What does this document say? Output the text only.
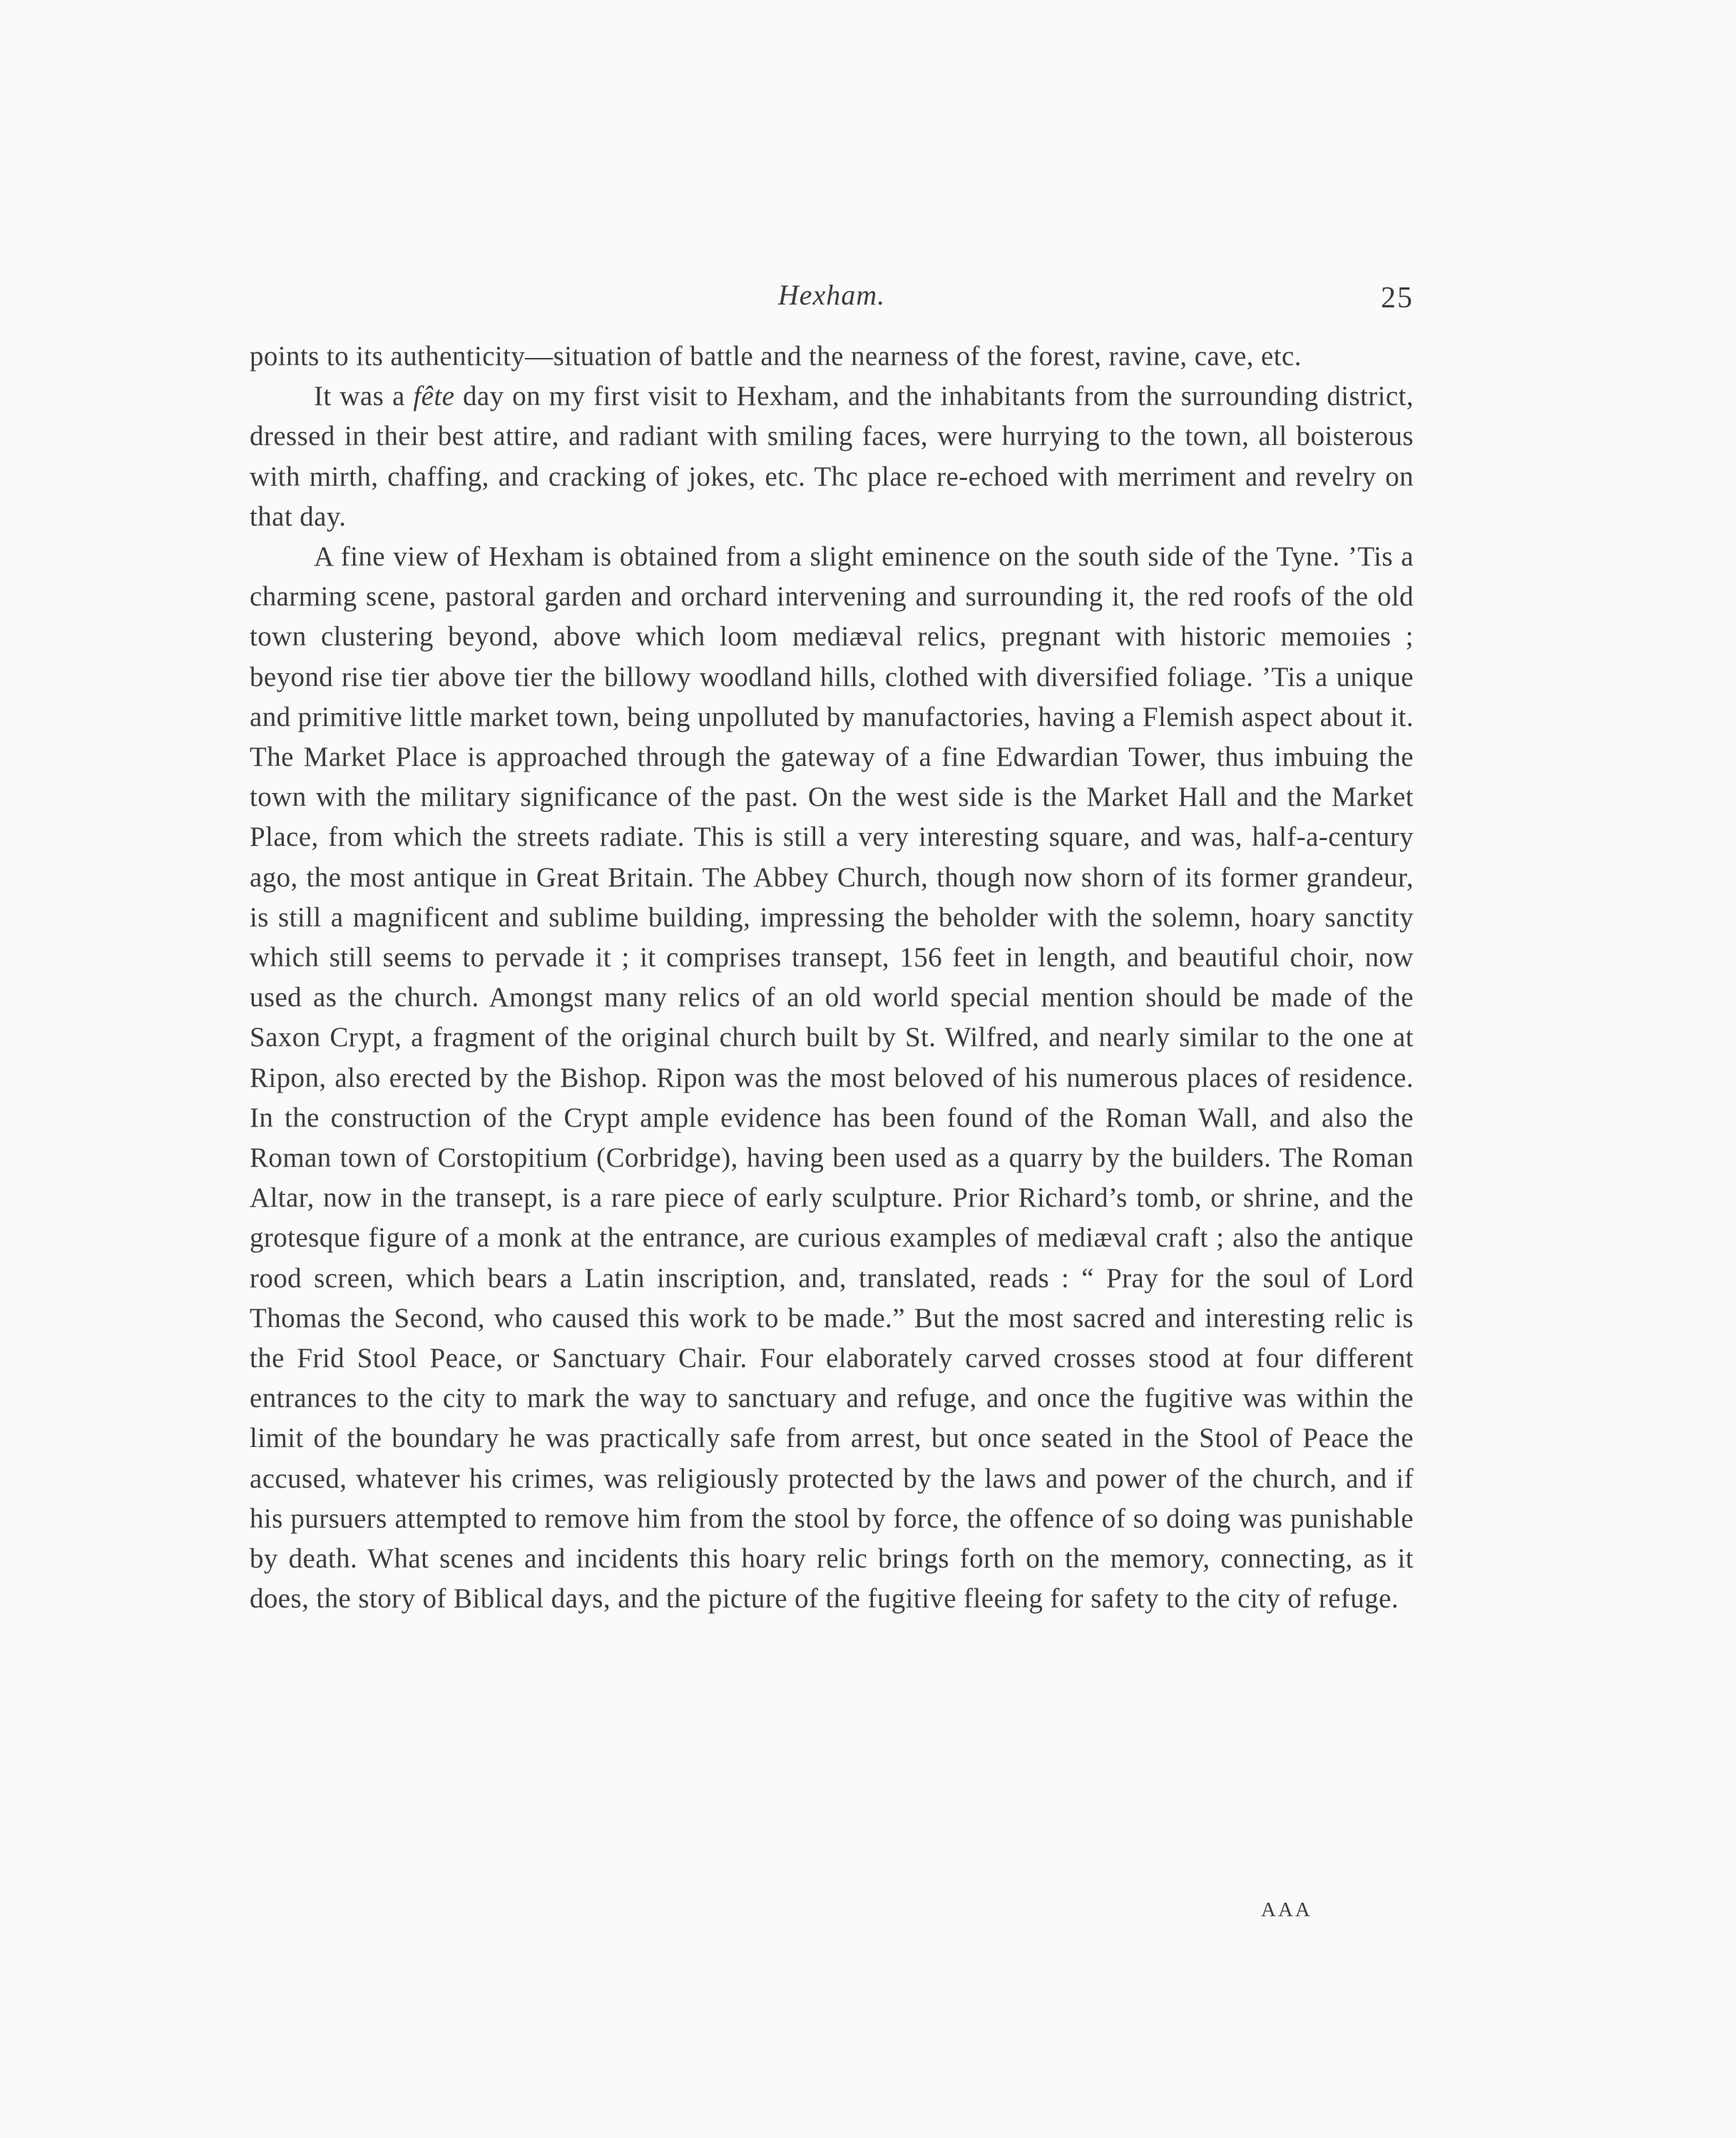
Hexham.	25

points to its authenticity—situation of battle and the nearness of the forest, ravine, cave, etc.

It was a fête day on my first visit to Hexham, and the inhabitants from the surrounding district, dressed in their best attire, and radiant with smiling faces, were hurrying to the town, all boisterous with mirth, chaffing, and cracking of jokes, etc. Thc place re-echoed with merriment and revelry on that day.

A fine view of Hexham is obtained from a slight eminence on the south side of the Tyne. ’Tis a charming scene, pastoral garden and orchard intervening and surrounding it, the red roofs of the old town clustering beyond, above which loom mediæval relics, pregnant with historic memoıies ; beyond rise tier above tier the billowy woodland hills, clothed with diversified foliage. ’Tis a unique and primitive little market town, being unpolluted by manufactories, having a Flemish aspect about it. The Market Place is approached through the gateway of a fine Edwardian Tower, thus imbuing the town with the military significance of the past. On the west side is the Market Hall and the Market Place, from which the streets radiate. This is still a very interesting square, and was, half-a-century ago, the most antique in Great Britain. The Abbey Church, though now shorn of its former grandeur, is still a magnificent and sublime building, impressing the beholder with the solemn, hoary sanctity which still seems to pervade it ; it comprises transept, 156 feet in length, and beautiful choir, now used as the church. Amongst many relics of an old world special mention should be made of the Saxon Crypt, a fragment of the original church built by St. Wilfred, and nearly similar to the one at Ripon, also erected by the Bishop. Ripon was the most beloved of his numerous places of residence. In the construction of the Crypt ample evidence has been found of the Roman Wall, and also the Roman town of Corstopitium (Corbridge), having been used as a quarry by the builders. The Roman Altar, now in the transept, is a rare piece of early sculpture. Prior Richard’s tomb, or shrine, and the grotesque figure of a monk at the entrance, are curious examples of mediæval craft ; also the antique rood screen, which bears a Latin inscription, and, translated, reads : “ Pray for the soul of Lord Thomas the Second, who caused this work to be made.” But the most sacred and interesting relic is the Frid Stool Peace, or Sanctuary Chair. Four elaborately carved crosses stood at four different entrances to the city to mark the way to sanctuary and refuge, and once the fugitive was within the limit of the boundary he was practically safe from arrest, but once seated in the Stool of Peace the accused, whatever his crimes, was religiously protected by the laws and power of the church, and if his pursuers attempted to remove him from the stool by force, the offence of so doing was punishable by death. What scenes and incidents this hoary relic brings forth on the memory, connecting, as it does, the story of Biblical days, and the picture of the fugitive fleeing for safety to the city of refuge.

AAA
